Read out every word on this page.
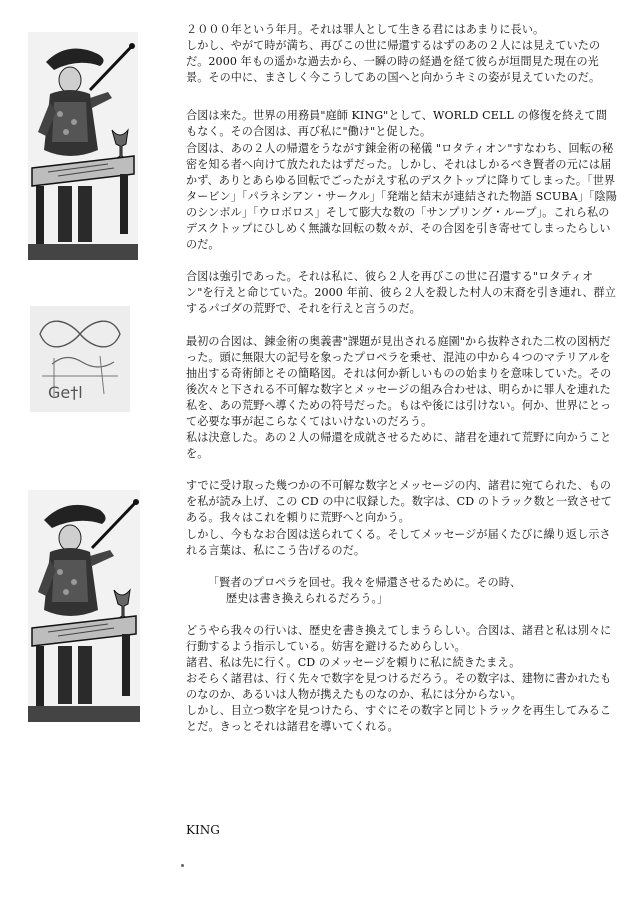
Ge†l

２０００年という年月。それは罪人として生きる君にはあまりに長い。

しかし、やがて時が満ち、再びこの世に帰還するはずのあの２人には見えていたのだ。2000 年もの遥かな過去から、一瞬の時の経過を経て彼らが垣間見た現在の光景。その中に、まさしく今こうしてあの国へと向かうキミの姿が見えていたのだ。

合図は来た。世界の用務員"庭師 KING"として、WORLD CELL の修復を終えて間もなく。その合図は、再び私に"働け"と促した。

合図は、あの２人の帰還をうながす錬金術の秘儀 "ロタティオン"すなわち、回転の秘密を知る者へ向けて放たれたはずだった。しかし、それはしかるべき賢者の元には届かず、ありとあらゆる回転でごったがえす私のデスクトップに降りてしまった。「世界タービン」「パラネシアン・サークル」「発端と結末が連結された物語 SCUBA」「陰陽のシンボル」「ウロボロス」そして膨大な数の「サンプリング・ループ」。これら私のデスクトップにひしめく無識な回転の数々が、その合図を引き寄せてしまったらしいのだ。

合図は強引であった。それは私に、彼ら２人を再びこの世に召還する"ロタティオン"を行えと命じていた。2000 年前、彼ら２人を殺した村人の末裔を引き連れ、群立するパゴダの荒野で、それを行えと言うのだ。

最初の合図は、錬金術の奥義書"課題が見出される庭園"から抜粋された二枚の図柄だった。頭に無限大の記号を象ったプロペラを乗せ、混沌の中から４つのマテリアルを抽出する奇術師とその簡略図。それは何か新しいものの始まりを意味していた。その後次々と下される不可解な数字とメッセージの組み合わせは、明らかに罪人を連れた私を、あの荒野へ導くための符号だった。もはや後には引けない。何か、世界にとって必要な事が起こらなくてはいけないのだろう。

私は決意した。あの２人の帰還を成就させるために、諸君を連れて荒野に向かうことを。

すでに受け取った幾つかの不可解な数字とメッセージの内、諸君に宛てられた、ものを私が読み上げ、この CD の中に収録した。数字は、CD のトラック数と一致させてある。我々はこれを頼りに荒野へと向かう。

しかし、今もなお合図は送られてくる。そしてメッセージが届くたびに繰り返し示される言葉は、私にこう告げるのだ。

「賢者のプロペラを回せ。我々を帰還させるために。その時、

歴史は書き換えられるだろう。」

どうやら我々の行いは、歴史を書き換えてしまうらしい。合図は、諸君と私は別々に行動するよう指示している。妨害を避けるためらしい。

諸君、私は先に行く。CD のメッセージを頼りに私に続きたまえ。

おそらく諸君は、行く先々で数字を見つけるだろう。その数字は、建物に書かれたものなのか、あるいは人物が携えたものなのか、私には分からない。

しかし、目立つ数字を見つけたら、すぐにその数字と同じトラックを再生してみることだ。きっとそれは諸君を導いてくれる。

KING
